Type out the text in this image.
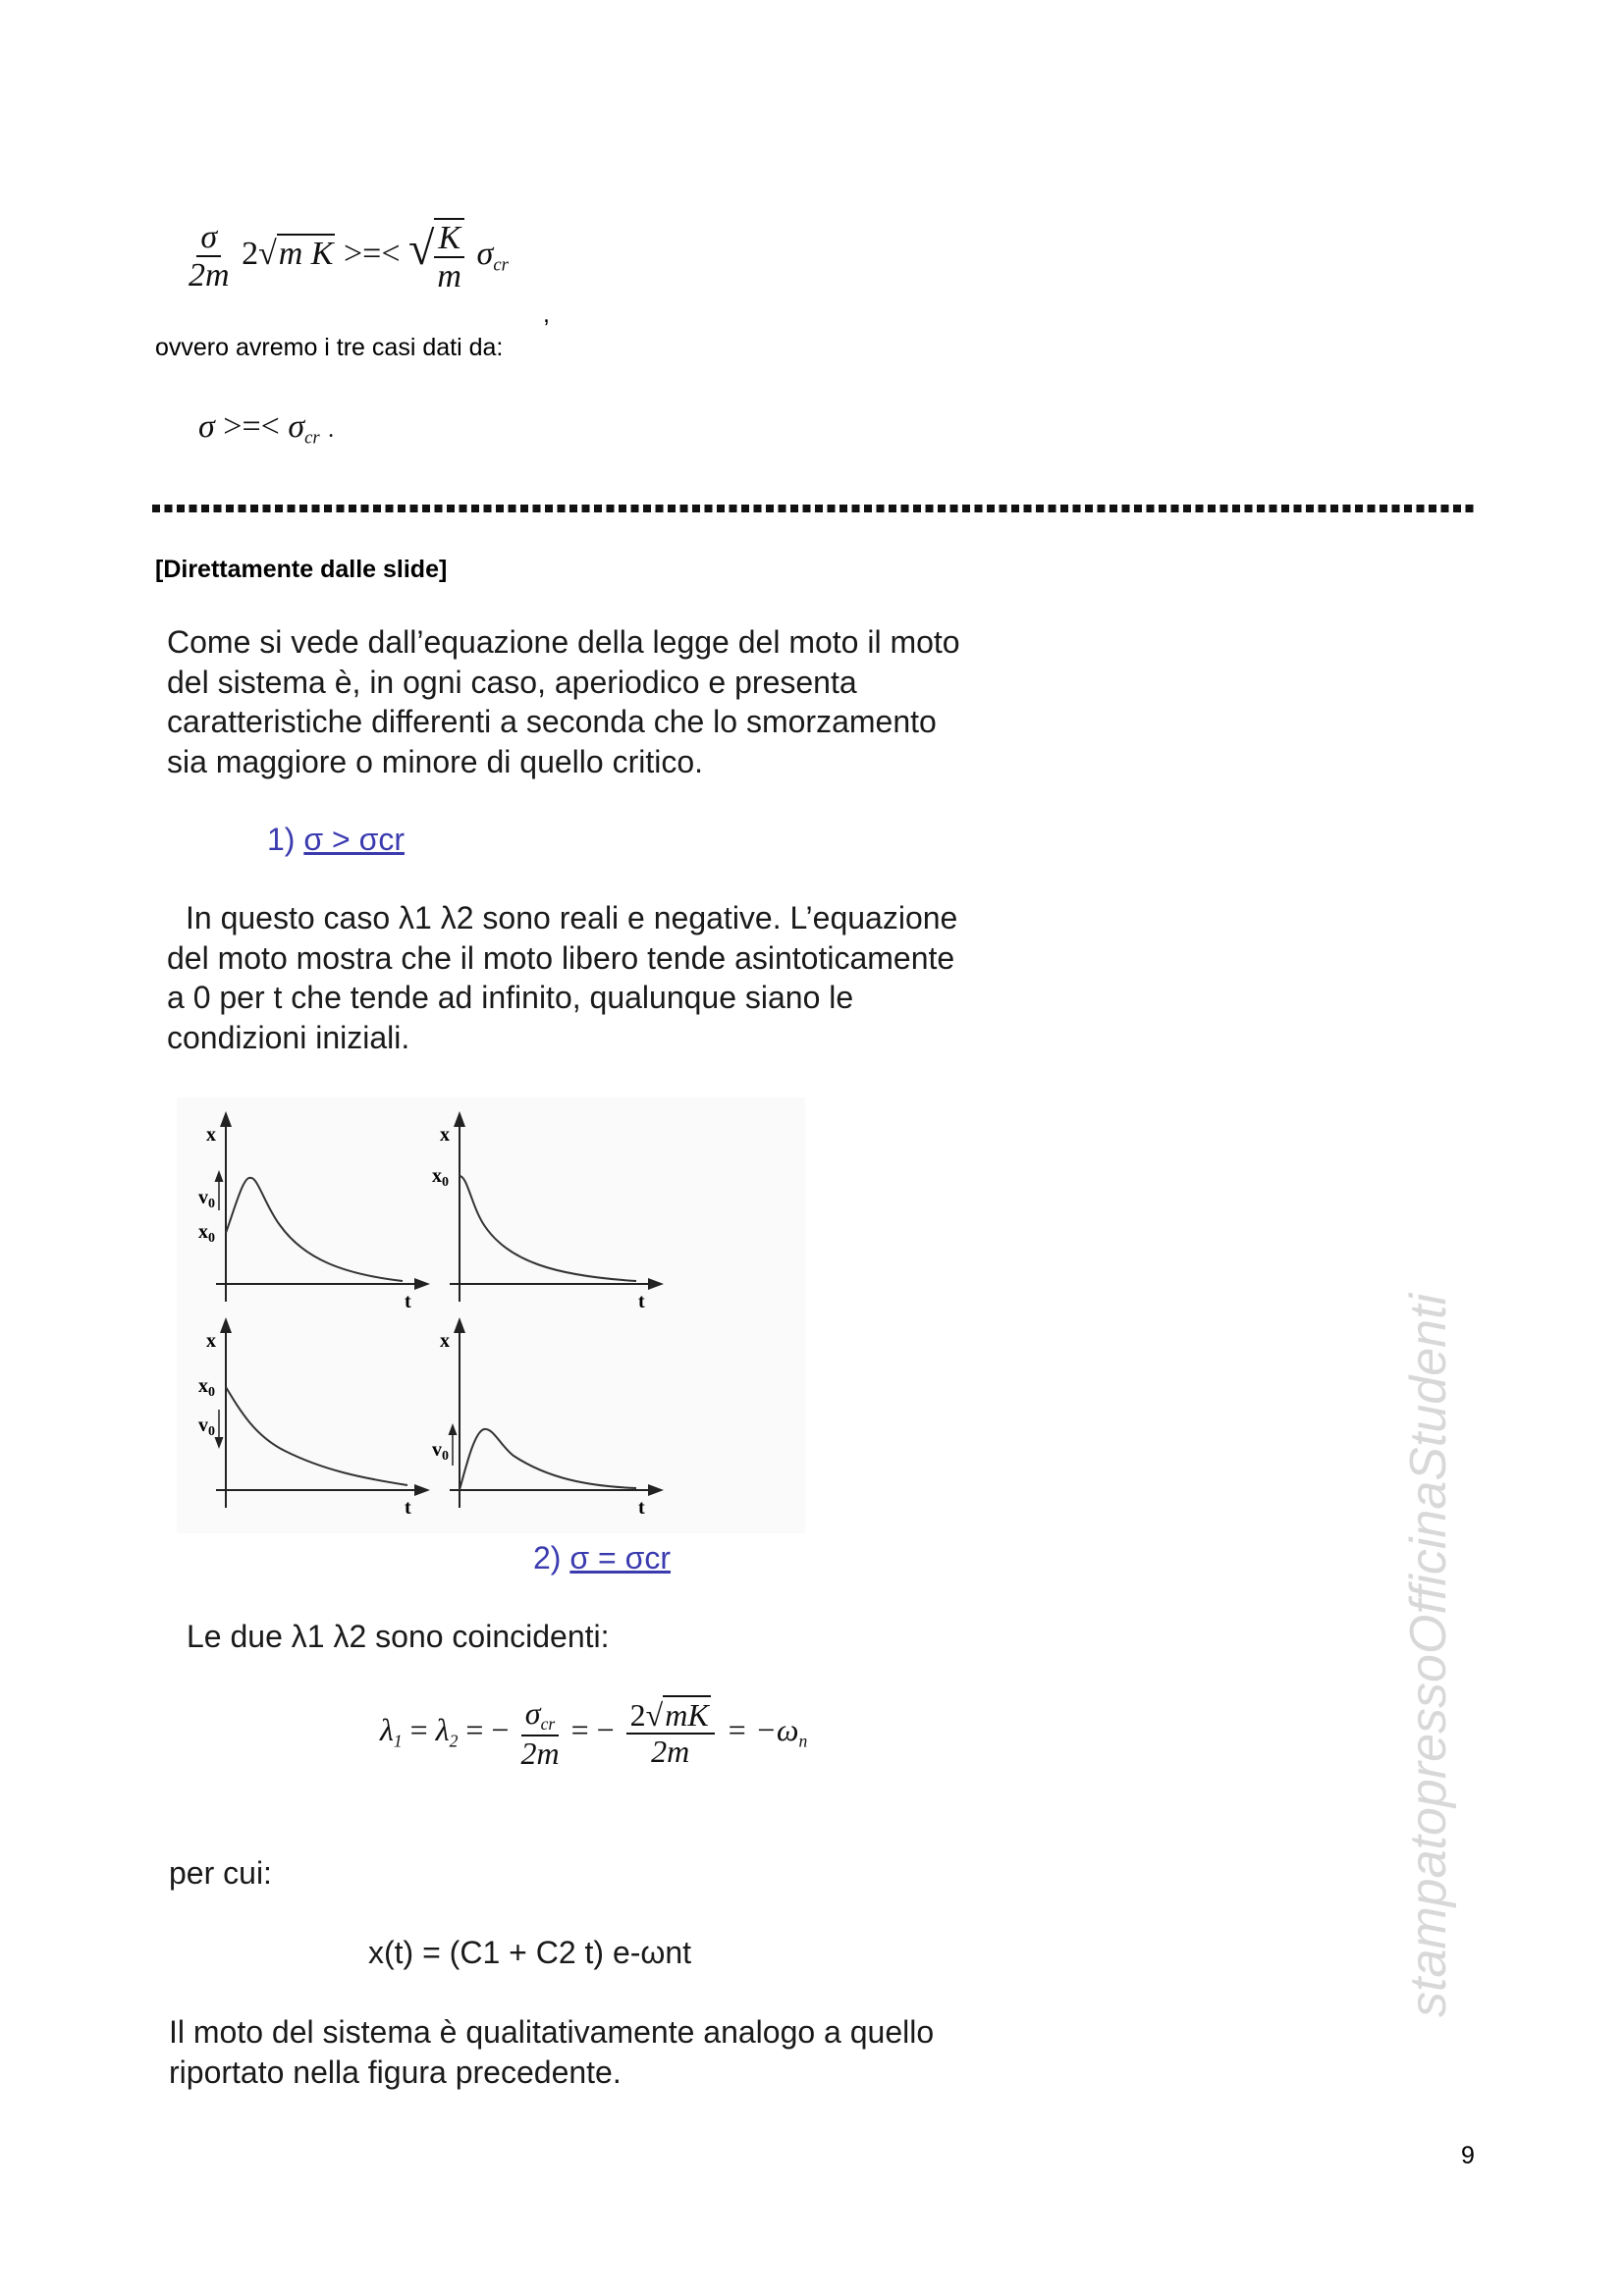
$\frac{\sigma}{2m} 2√m$ K >=< √ $\frac{K}{m} \sigma_{cr}$
,
ovvero avremo i tre casi dati da:
σ >=< $\sigma_{cr}$ .
[Direttamente dalle slide]
Come si vede dall’equazione della legge del moto il moto
del sistema è, in ogni caso, aperiodico e presenta
caratteristiche differenti a seconda che lo smorzamento
sia maggiore o minore di quello critico.
1) σ > σcr
In questo caso λ1 λ2 sono reali e negative. L’equazione
del moto mostra che il moto libero tende asintoticamente
a 0 per t che tende ad infinito, qualunque siano le
condizioni iniziali.
x
t
$v_0$
$x_0$
x
t
$x_0$
x
t
$x_0$
$v_0$
x
t
$v_0$
2) σ = σcr
Le due λ1 λ2 sono coincidenti:
$\lambda_1 = \lambda_2$ = − $\frac{\sigma_{cr}}{2m}$ = − $\frac{2√mK}{2m} = -\omega_n$
per cui:
x(t) = (C1 + C2 t) e-ωnt
Il moto del sistema è qualitativamente analogo a quello
riportato nella figura precedente.
stampatopressoOfficinaStudenti
9
